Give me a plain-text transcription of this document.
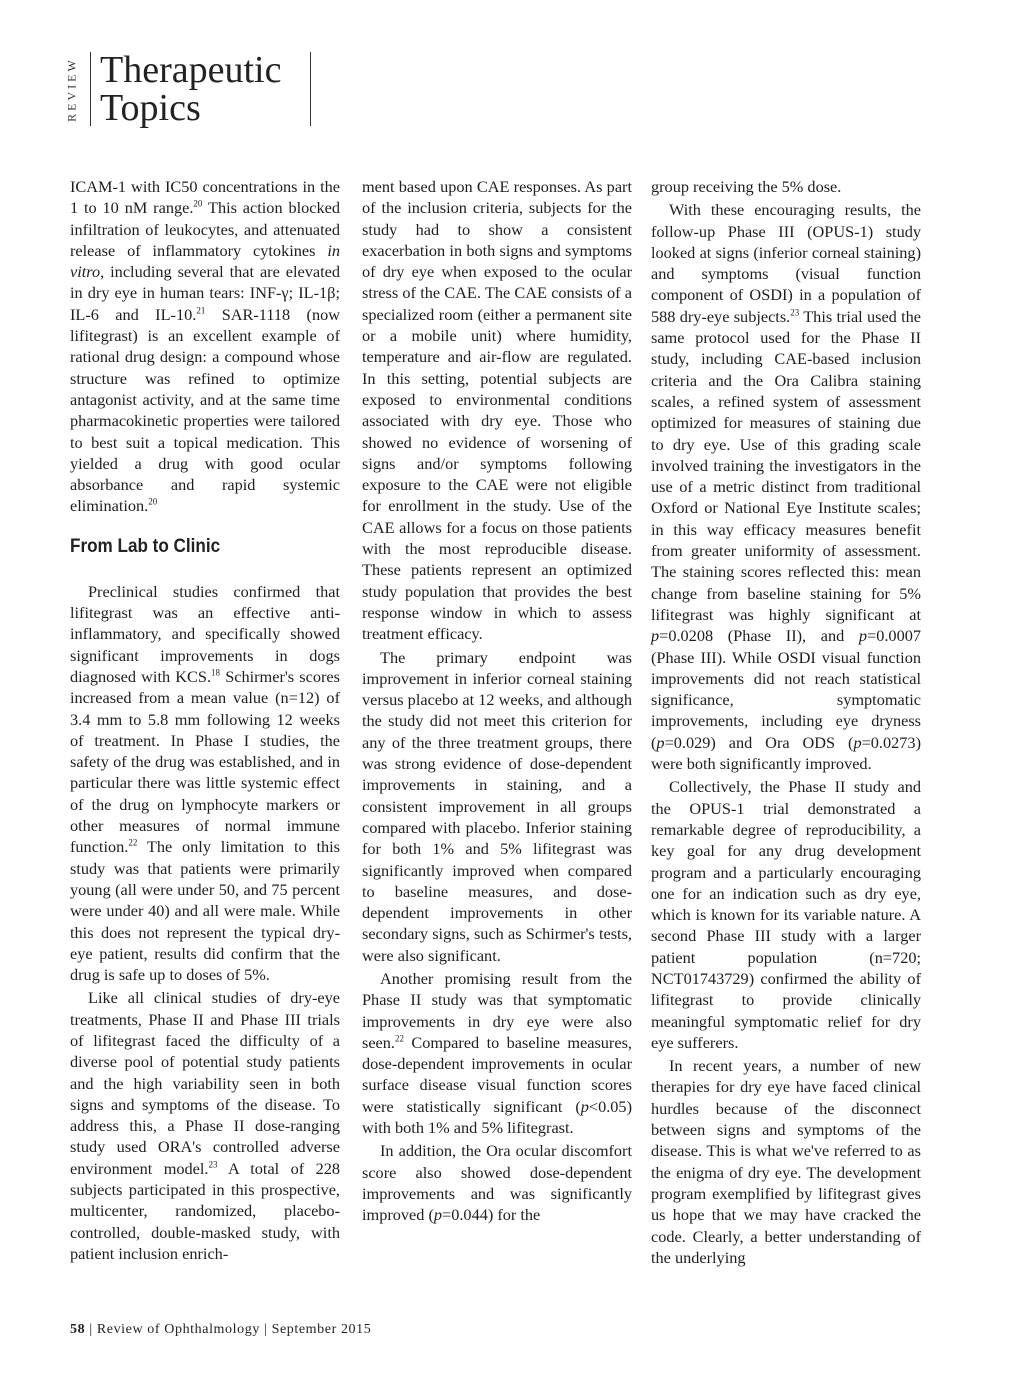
REVIEW Therapeutic
Topics

ICAM-1 with IC50 concentrations in the 1 to 10 nM range.$^{20}$ This action blocked infiltration of leukocytes, and attenuated release of inflammatory cytokines in vitro, including several that are elevated in dry eye in human tears: INF-γ; IL-1β; IL-6 and IL-10.21 SAR-1118 (now lifitegrast) is an excellent example of rational drug design: a compound whose structure was refined to optimize antagonist activity, and at the same time pharmacokinetic properties were tailored to best suit a topical medication. This yielded a drug with good ocular absorbance and rapid systemic elimination.$^{20}$

From Lab to Clinic

Preclinical studies confirmed that lifitegrast was an effective anti-inflammatory, and specifically showed significant improvements in dogs diagnosed with KCS.$^{18}$ Schirmer's scores increased from a mean value (n=12) of 3.4 mm to 5.8 mm following 12 weeks of treatment. In Phase I studies, the safety of the drug was established, and in particular there was little systemic effect of the drug on lymphocyte markers or other measures of normal immune function.$^{22}$ The only limitation to this study was that patients were primarily young (all were under 50, and 75 percent were under 40) and all were male. While this does not represent the typical dry-eye patient, results did confirm that the drug is safe up to doses of 5%.

Like all clinical studies of dry-eye treatments, Phase II and Phase III trials of lifitegrast faced the difficulty of a diverse pool of potential study patients and the high variability seen in both signs and symptoms of the disease. To address this, a Phase II dose-ranging study used ORA's controlled adverse environment model.$^{23}$ A total of 228 subjects participated in this prospective, multicenter, randomized, placebo-controlled, double-masked study, with patient inclusion enrich-

ment based upon CAE responses. As part of the inclusion criteria, subjects for the study had to show a consistent exacerbation in both signs and symptoms of dry eye when exposed to the ocular stress of the CAE. The CAE consists of a specialized room (either a permanent site or a mobile unit) where humidity, temperature and air-flow are regulated. In this setting, potential subjects are exposed to environmental conditions associated with dry eye. Those who showed no evidence of worsening of signs and/or symptoms following exposure to the CAE were not eligible for enrollment in the study. Use of the CAE allows for a focus on those patients with the most reproducible disease. These patients represent an optimized study population that provides the best response window in which to assess treatment efficacy.

The primary endpoint was improvement in inferior corneal staining versus placebo at 12 weeks, and although the study did not meet this criterion for any of the three treatment groups, there was strong evidence of dose-dependent improvements in staining, and a consistent improvement in all groups compared with placebo. Inferior staining for both 1% and 5% lifitegrast was significantly improved when compared to baseline measures, and dose-dependent improvements in other secondary signs, such as Schirmer's tests, were also significant.

Another promising result from the Phase II study was that symptomatic improvements in dry eye were also seen.$^{22}$ Compared to baseline measures, dose-dependent improvements in ocular surface disease visual function scores were statistically significant (p<0.05) with both 1% and 5% lifitegrast.

In addition, the Ora ocular discomfort score also showed dose-dependent improvements and was significantly improved (p=0.044) for the

group receiving the 5% dose.

With these encouraging results, the follow-up Phase III (OPUS-1) study looked at signs (inferior corneal staining) and symptoms (visual function component of OSDI) in a population of 588 dry-eye subjects.$^{23}$ This trial used the same protocol used for the Phase II study, including CAE-based inclusion criteria and the Ora Calibra staining scales, a refined system of assessment optimized for measures of staining due to dry eye. Use of this grading scale involved training the investigators in the use of a metric distinct from traditional Oxford or National Eye Institute scales; in this way efficacy measures benefit from greater uniformity of assessment. The staining scores reflected this: mean change from baseline staining for 5% lifitegrast was highly significant at p=0.0208 (Phase II), and p=0.0007 (Phase III). While OSDI visual function improvements did not reach statistical significance, symptomatic improvements, including eye dryness (p=0.029) and Ora ODS (p=0.0273) were both significantly improved.

Collectively, the Phase II study and the OPUS-1 trial demonstrated a remarkable degree of reproducibility, a key goal for any drug development program and a particularly encouraging one for an indication such as dry eye, which is known for its variable nature. A second Phase III study with a larger patient population (n=720; NCT01743729) confirmed the ability of lifitegrast to provide clinically meaningful symptomatic relief for dry eye sufferers.

In recent years, a number of new therapies for dry eye have faced clinical hurdles because of the disconnect between signs and symptoms of the disease. This is what we've referred to as the enigma of dry eye. The development program exemplified by lifitegrast gives us hope that we may have cracked the code. Clearly, a better understanding of the underlying

58 | Review of Ophthalmology | September 2015
